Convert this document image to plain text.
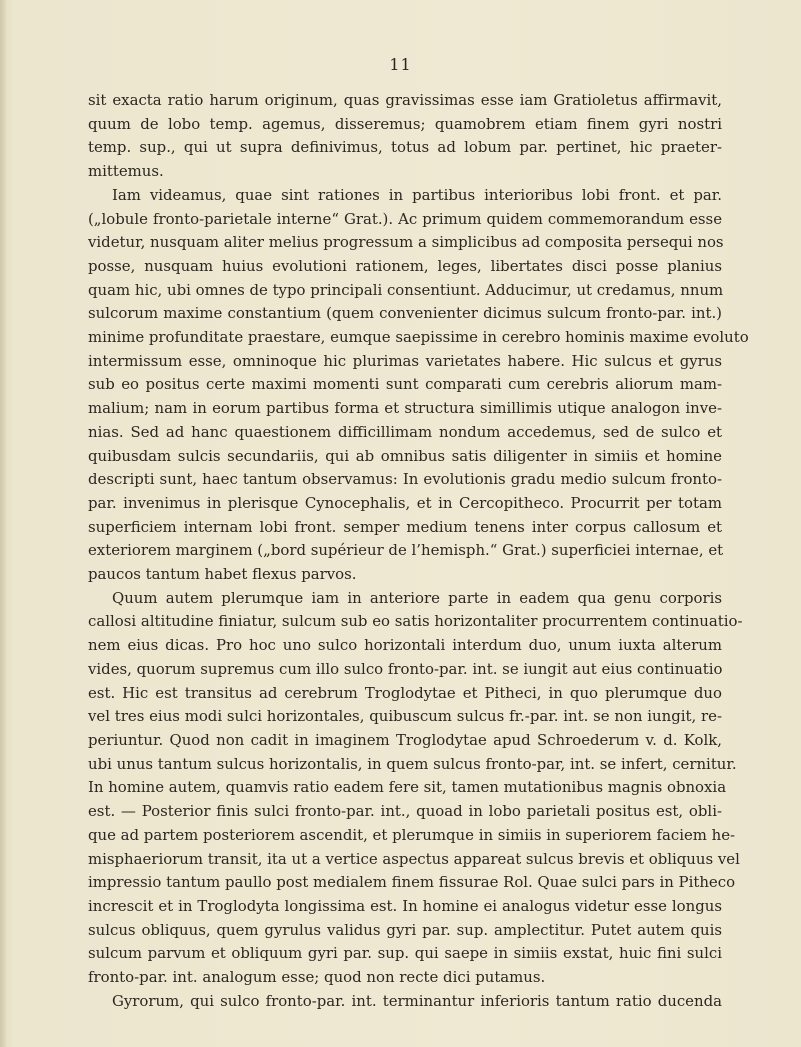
11
sit exacta ratio harum originum, quas gravissimas esse iam Gratioletus affirmavit,
quum de lobo temp. agemus, disseremus; quamobrem etiam finem gyri nostri
temp. sup., qui ut supra definivimus, totus ad lobum par. pertinet, hic praeter-
mittemus.
Iam videamus, quae sint rationes in partibus interioribus lobi front. et par.
(„lobule fronto-parietale interne“ Grat.). Ac primum quidem commemorandum esse
videtur, nusquam aliter melius progressum a simplicibus ad composita persequi nos
posse, nusquam huius evolutioni rationem, leges, libertates disci posse planius
quam hic, ubi omnes de typo principali consentiunt. Adducimur, ut credamus, nnum
sulcorum maxime constantium (quem convenienter dicimus sulcum fronto-par. int.)
minime profunditate praestare, eumque saepissime in cerebro hominis maxime evoluto
intermissum esse, omninoque hic plurimas varietates habere. Hic sulcus et gyrus
sub eo positus certe maximi momenti sunt comparati cum cerebris aliorum mam-
malium; nam in eorum partibus forma et structura simillimis utique analogon inve-
nias. Sed ad hanc quaestionem difficillimam nondum accedemus, sed de sulco et
quibusdam sulcis secundariis, qui ab omnibus satis diligenter in simiis et homine
descripti sunt, haec tantum observamus: In evolutionis gradu medio sulcum fronto-
par. invenimus in plerisque Cynocephalis, et in Cercopitheco. Procurrit per totam
superficiem internam lobi front. semper medium tenens inter corpus callosum et
exteriorem marginem („bord supérieur de l’hemisph.“ Grat.) superficiei internae, et
paucos tantum habet flexus parvos.
Quum autem plerumque iam in anteriore parte in eadem qua genu corporis
callosi altitudine finiatur, sulcum sub eo satis horizontaliter procurrentem continuatio-
nem eius dicas. Pro hoc uno sulco horizontali interdum duo, unum iuxta alterum
vides, quorum supremus cum illo sulco fronto-par. int. se iungit aut eius continuatio
est. Hic est transitus ad cerebrum Troglodytae et Pitheci, in quo plerumque duo
vel tres eius modi sulci horizontales, quibuscum sulcus fr.-par. int. se non iungit, re-
periuntur. Quod non cadit in imaginem Troglodytae apud Schroederum v. d. Kolk,
ubi unus tantum sulcus horizontalis, in quem sulcus fronto-par, int. se infert, cernitur.
In homine autem, quamvis ratio eadem fere sit, tamen mutationibus magnis obnoxia
est. — Posterior finis sulci fronto-par. int., quoad in lobo parietali positus est, obli-
que ad partem posteriorem ascendit, et plerumque in simiis in superiorem faciem he-
misphaeriorum transit, ita ut a vertice aspectus appareat sulcus brevis et obliquus vel
impressio tantum paullo post medialem finem fissurae Rol. Quae sulci pars in Pitheco
increscit et in Troglodyta longissima est. In homine ei analogus videtur esse longus
sulcus obliquus, quem gyrulus validus gyri par. sup. amplectitur. Putet autem quis
sulcum parvum et obliquum gyri par. sup. qui saepe in simiis exstat, huic fini sulci
fronto-par. int. analogum esse; quod non recte dici putamus.
Gyrorum, qui sulco fronto-par. int. terminantur inferioris tantum ratio ducenda
